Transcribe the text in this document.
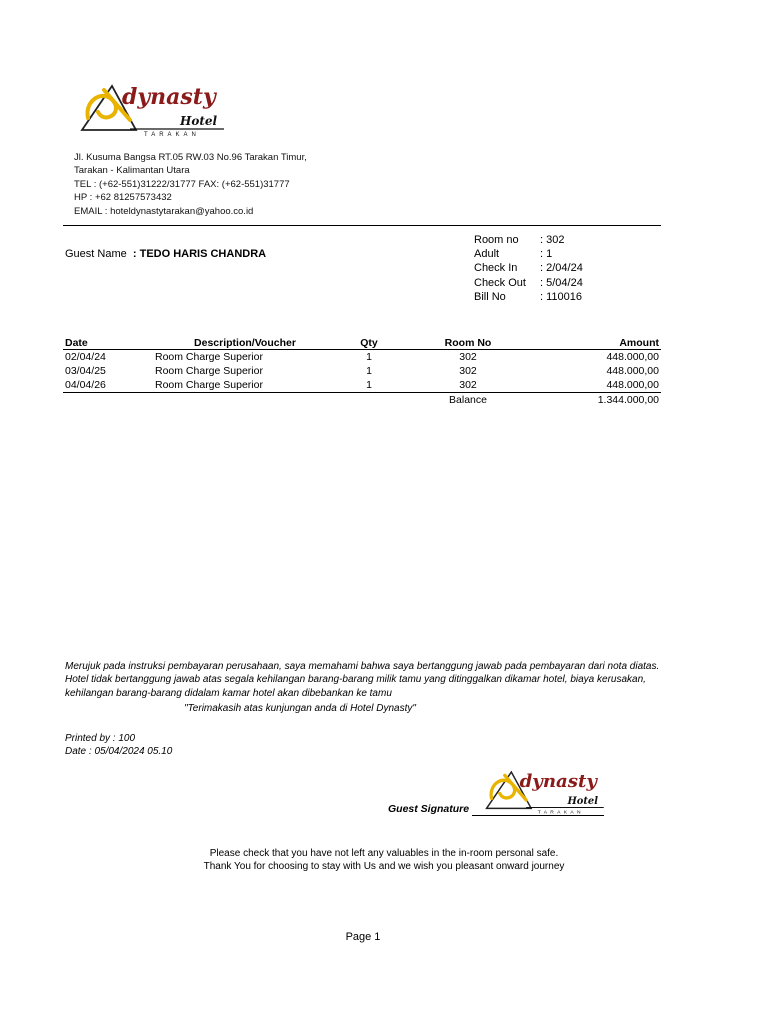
dynasty
Hotel
TARAKAN
Jl. Kusuma Bangsa RT.05 RW.03 No.96 Tarakan Timur,
Tarakan - Kalimantan Utara
TEL : (+62-551)31222/31777 FAX: (+62-551)31777
HP : +62 81257573432
EMAIL : hoteldynastytarakan@yahoo.co.id
Guest Name : TEDO HARIS CHANDRA
Room no	: 302
Adult	: 1
Check In	: 2/04/24
Check Out	: 5/04/24
Bill No	: 110016
Date	Description/Voucher	Qty	Room No	Amount
02/04/24	Room Charge Superior	1	302	448.000,00
03/04/25	Room Charge Superior	1	302	448.000,00
04/04/26	Room Charge Superior	1	302	448.000,00
			Balance	1.344.000,00
Merujuk pada instruksi pembayaran perusahaan, saya memahami bahwa saya bertanggung jawab pada pembayaran dari nota diatas.
Hotel tidak bertanggung jawab atas segala kehilangan barang-barang milik tamu yang ditinggalkan dikamar hotel, biaya kerusakan,
kehilangan barang-barang didalam kamar hotel akan dibebankan ke tamu
"Terimakasih atas kunjungan anda di Hotel Dynasty"
Printed by : 100
Date : 05/04/2024 05.10
dynasty
Hotel
TARAKAN
Guest Signature
Please check that you have not left any valuables in the in-room personal safe.
Thank You for choosing to stay with Us and we wish you pleasant onward journey
Page 1
